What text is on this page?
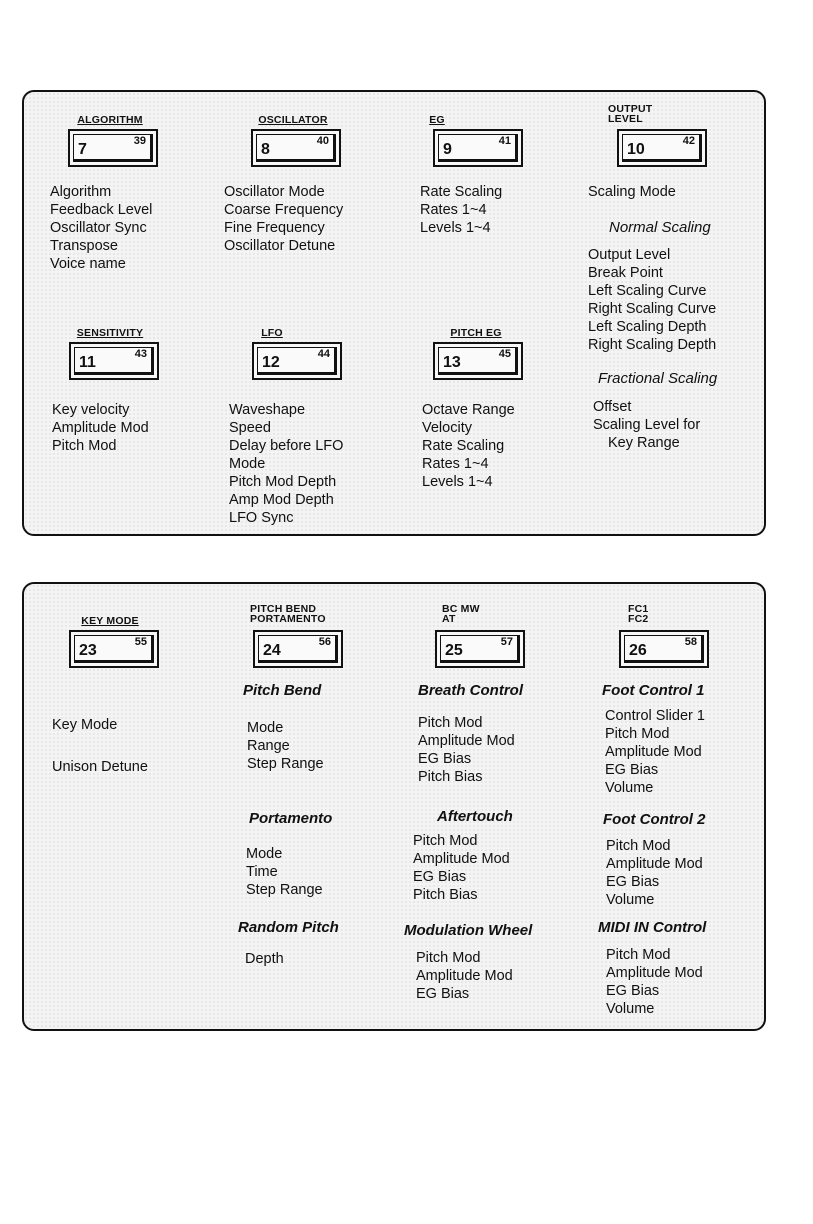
ALGORITHM
7	39
OSCILLATOR
8	40
EG
9	41
OUTPUT
LEVEL
10	42
Algorithm
Feedback Level
Oscillator Sync
Transpose
Voice name
Oscillator Mode
Coarse Frequency
Fine Frequency
Oscillator Detune
Rate Scaling
Rates 1~4
Levels 1~4
Scaling Mode
Normal Scaling
Output Level
Break Point
Left Scaling Curve
Right Scaling Curve
Left Scaling Depth
Right Scaling Depth
Fractional Scaling
Offset
Scaling Level for
Key Range
SENSITIVITY
11	43
LFO
12	44
PITCH EG
13	45
Key velocity
Amplitude Mod
Pitch Mod
Waveshape
Speed
Delay before LFO
Mode
Pitch Mod Depth
Amp Mod Depth
LFO Sync
Octave Range
Velocity
Rate Scaling
Rates 1~4
Levels 1~4
KEY MODE
23	55
PITCH BEND
PORTAMENTO
24	56
BC MW
AT
25	57
FC1
FC2
26	58
Key Mode
Unison Detune
Pitch Bend
Mode
Range
Step Range
Portamento
Mode
Time
Step Range
Random Pitch
Depth
Breath Control
Pitch Mod
Amplitude Mod
EG Bias
Pitch Bias
Aftertouch
Pitch Mod
Amplitude Mod
EG Bias
Pitch Bias
Modulation Wheel
Pitch Mod
Amplitude Mod
EG Bias
Foot Control 1
Control Slider 1
Pitch Mod
Amplitude Mod
EG Bias
Volume
Foot Control 2
Pitch Mod
Amplitude Mod
EG Bias
Volume
MIDI IN Control
Pitch Mod
Amplitude Mod
EG Bias
Volume
